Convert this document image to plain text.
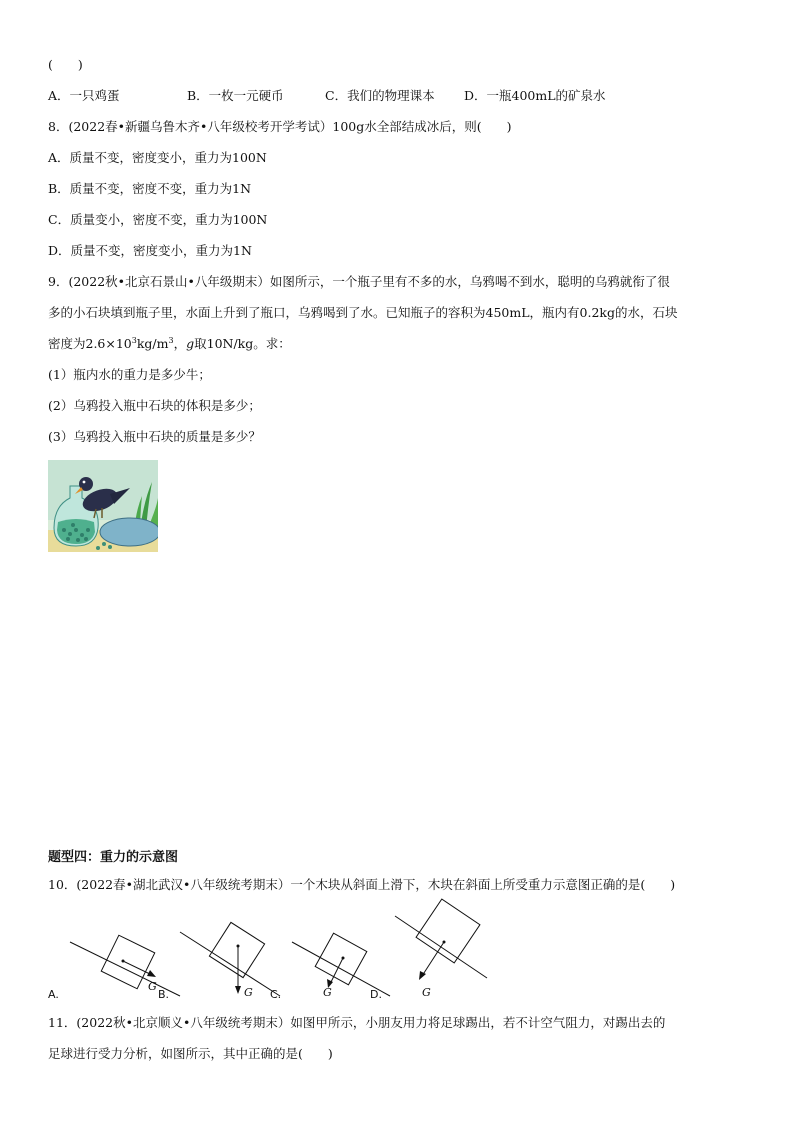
(　　)
A．一只鸡蛋	B．一枚一元硬币	C．我们的物理课本 D．一瓶400mL的矿泉水
8．(2022春•新疆乌鲁木齐•八年级校考开学考试）100g水全部结成冰后，则(　　)
A．质量不变，密度变小，重力为100N
B．质量不变，密度不变，重力为1N
C．质量变小，密度不变，重力为100N
D．质量不变，密度变小，重力为1N
9．(2022秋•北京石景山•八年级期末）如图所示，一个瓶子里有不多的水，乌鸦喝不到水，聪明的乌鸦就衔了很
多的小石块填到瓶子里，水面上升到了瓶口，乌鸦喝到了水。已知瓶子的容积为450mL，瓶内有0.2kg的水，石块
密度为$2.6\times 10^3kg/m^3$，g取10N/kg。求：
(1）瓶内水的重力是多少牛；
(2）乌鸦投入瓶中石块的体积是多少；
(3）乌鸦投入瓶中石块的质量是多少？
题型四：重力的示意图
10．(2022春•湖北武汉•八年级统考期末）一个木块从斜面上滑下，木块在斜面上所受重力示意图正确的是(　　)
G
A.	G
B.	G
C.	G
D.
11．(2022秋•北京顺义•八年级统考期末）如图甲所示，小朋友用力将足球踢出，若不计空气阻力，对踢出去的
足球进行受力分析，如图所示，其中正确的是(　　)
